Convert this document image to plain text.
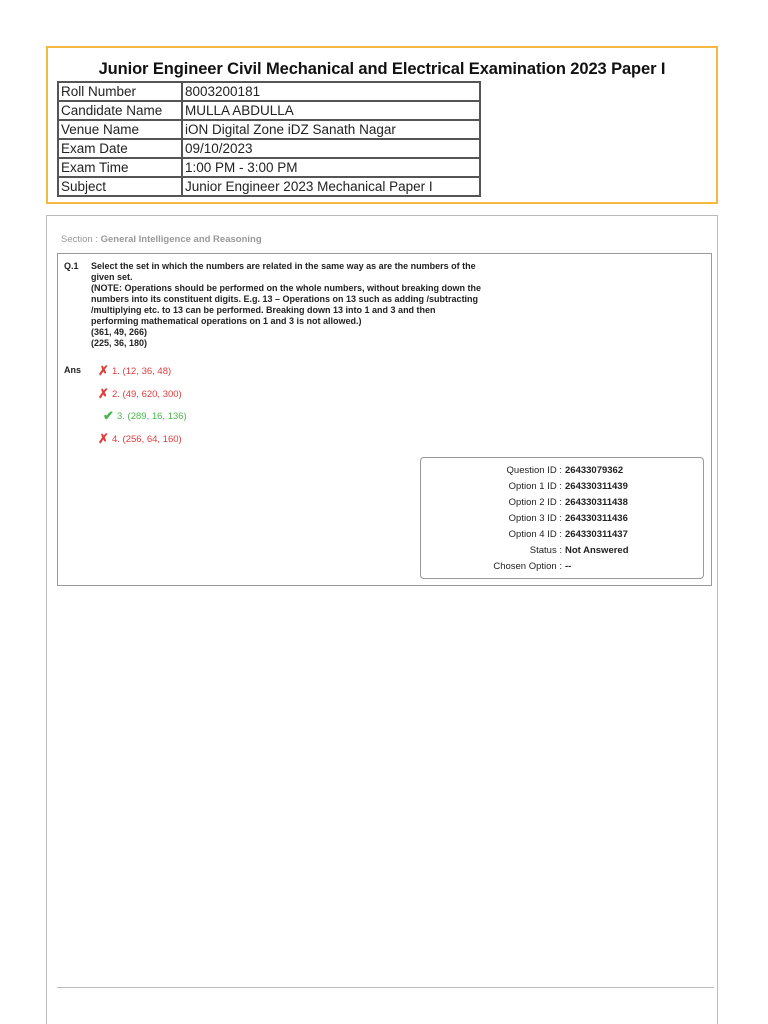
Junior Engineer Civil Mechanical and Electrical Examination 2023 Paper I
Roll Number	8003200181
Candidate Name	MULLA ABDULLA
Venue Name	iON Digital Zone iDZ Sanath Nagar
Exam Date	09/10/2023
Exam Time	1:00 PM - 3:00 PM
Subject	Junior Engineer 2023 Mechanical Paper I
Section : General Intelligence and Reasoning
Q.1 Select the set in which the numbers are related in the same way as are the numbers of the
given set.
(NOTE: Operations should be performed on the whole numbers, without breaking down the
numbers into its constituent digits. E.g. 13 – Operations on 13 such as adding /subtracting
/multiplying etc. to 13 can be performed. Breaking down 13 into 1 and 3 and then
performing mathematical operations on 1 and 3 is not allowed.)
(361, 49, 266)
(225, 36, 180)
Ans ✗ 1. (12, 36, 48)
✗ 2. (49, 620, 300)
✔ 3. (289, 16, 136)
✗ 4. (256, 64, 160)
Question ID : 26433079362
Option 1 ID : 264330311439
Option 2 ID : 264330311438
Option 3 ID : 264330311436
Option 4 ID : 264330311437
Status : Not Answered
Chosen Option : --
